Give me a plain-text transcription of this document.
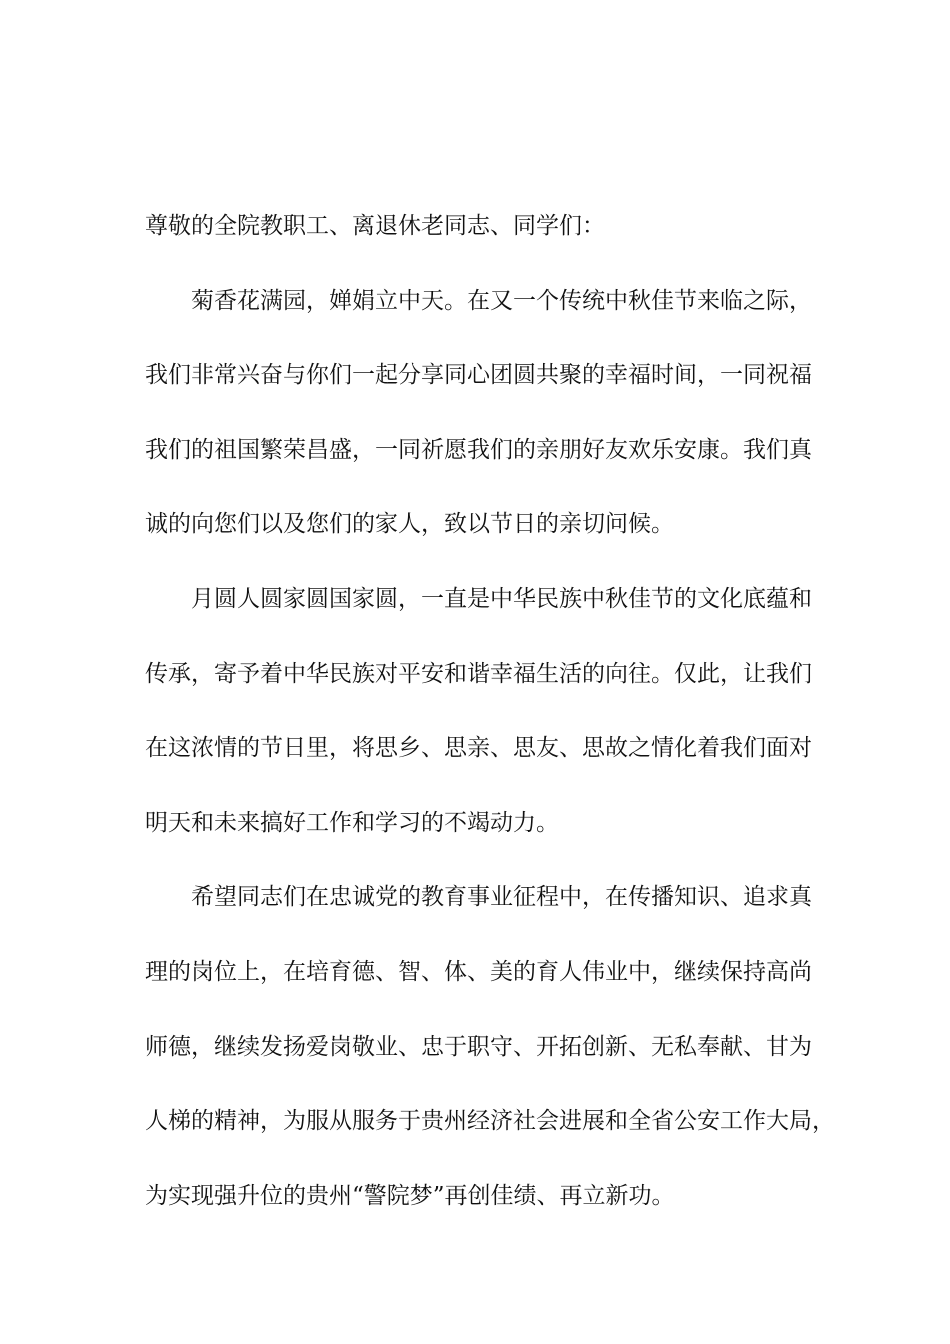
尊敬的全院教职工、离退休老同志、同学们：
菊香花满园，婵娟立中天。在又一个传统中秋佳节来临之际，
我们非常兴奋与你们一起分享同心团圆共聚的幸福时间，一同祝福
我们的祖国繁荣昌盛，一同祈愿我们的亲朋好友欢乐安康。我们真
诚的向您们以及您们的家人，致以节日的亲切问候。
月圆人圆家圆国家圆，一直是中华民族中秋佳节的文化底蕴和
传承，寄予着中华民族对平安和谐幸福生活的向往。仅此，让我们
在这浓情的节日里，将思乡、思亲、思友、思故之情化着我们面对
明天和未来搞好工作和学习的不竭动力。
希望同志们在忠诚党的教育事业征程中，在传播知识、追求真
理的岗位上，在培育德、智、体、美的育人伟业中，继续保持高尚
师德，继续发扬爱岗敬业、忠于职守、开拓创新、无私奉献、甘为
人梯的精神，为服从服务于贵州经济社会进展和全省公安工作大局，
为实现强升位的贵州“警院梦”再创佳绩、再立新功。
